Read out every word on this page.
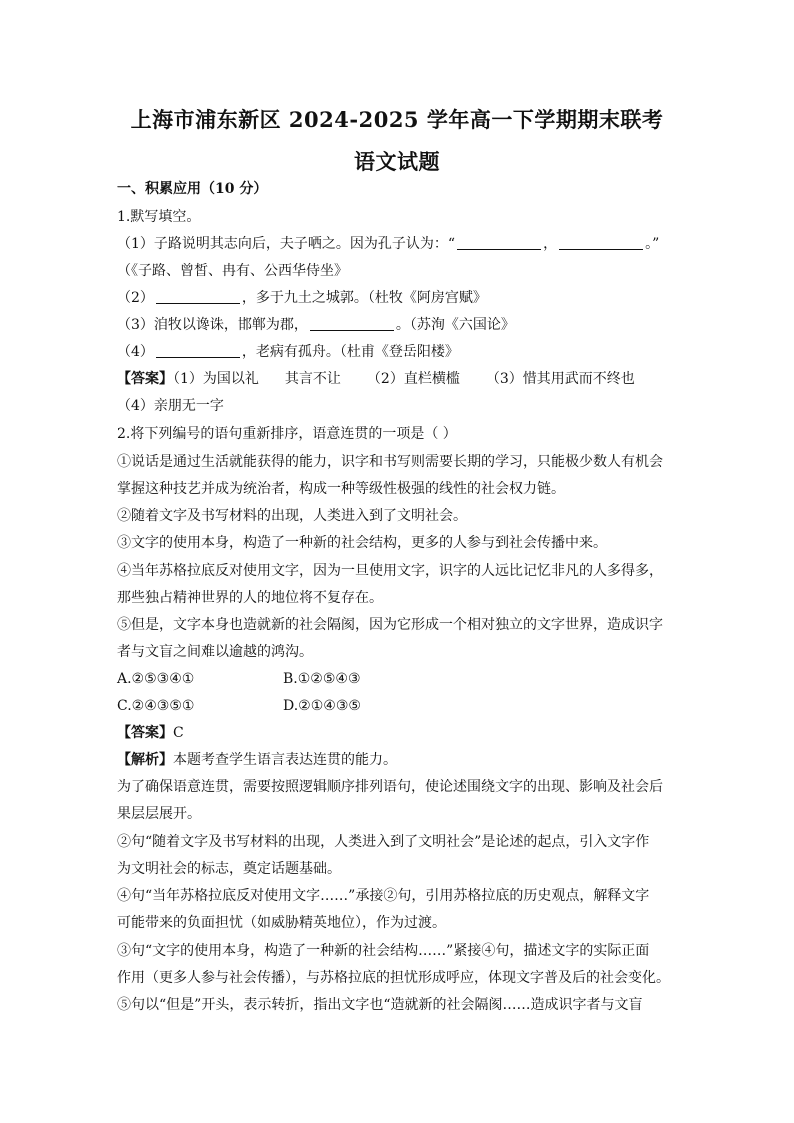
上海市浦东新区 2024-2025 学年高一下学期期末联考
语文试题
一、积累应用（10 分）
1.默写填空。
（1）子路说明其志向后，夫子哂之。因为孔子认为：“	，	。”
（《子路、曾皙、冉有、公西华侍坐》
（2）	，多于九土之城郭。（杜牧《阿房宫赋》
（3）洎牧以谗诛，邯郸为郡，	。（苏洵《六国论》
（4）	，老病有孤舟。（杜甫《登岳阳楼》
【答案】（1）为国以礼 其言不让 （2）直栏横槛 （3）惜其用武而不终也
（4）亲朋无一字
2.将下列编号的语句重新排序，语意连贯的一项是（ ）
①说话是通过生活就能获得的能力，识字和书写则需要长期的学习，只能极少数人有机会
掌握这种技艺并成为统治者，构成一种等级性极强的线性的社会权力链。
②随着文字及书写材料的出现，人类进入到了文明社会。
③文字的使用本身，构造了一种新的社会结构，更多的人参与到社会传播中来。
④当年苏格拉底反对使用文字，因为一旦使用文字，识字的人远比记忆非凡的人多得多，
那些独占精神世界的人的地位将不复存在。
⑤但是，文字本身也造就新的社会隔阂，因为它形成一个相对独立的文字世界，造成识字
者与文盲之间难以逾越的鸿沟。
A.②⑤③④①	B.①②⑤④③
C.②④③⑤①	D.②①④③⑤
【答案】C
【解析】本题考查学生语言表达连贯的能力。
为了确保语意连贯，需要按照逻辑顺序排列语句，使论述围绕文字的出现、影响及社会后
果层层展开。
②句“随着文字及书写材料的出现，人类进入到了文明社会”是论述的起点，引入文字作
为文明社会的标志，奠定话题基础。
④句“当年苏格拉底反对使用文字……”承接②句，引用苏格拉底的历史观点，解释文字
可能带来的负面担忧（如威胁精英地位），作为过渡。
③句“文字的使用本身，构造了一种新的社会结构……”紧接④句，描述文字的实际正面
作用（更多人参与社会传播），与苏格拉底的担忧形成呼应，体现文字普及后的社会变化。
⑤句以“但是”开头，表示转折，指出文字也“造就新的社会隔阂……造成识字者与文盲
